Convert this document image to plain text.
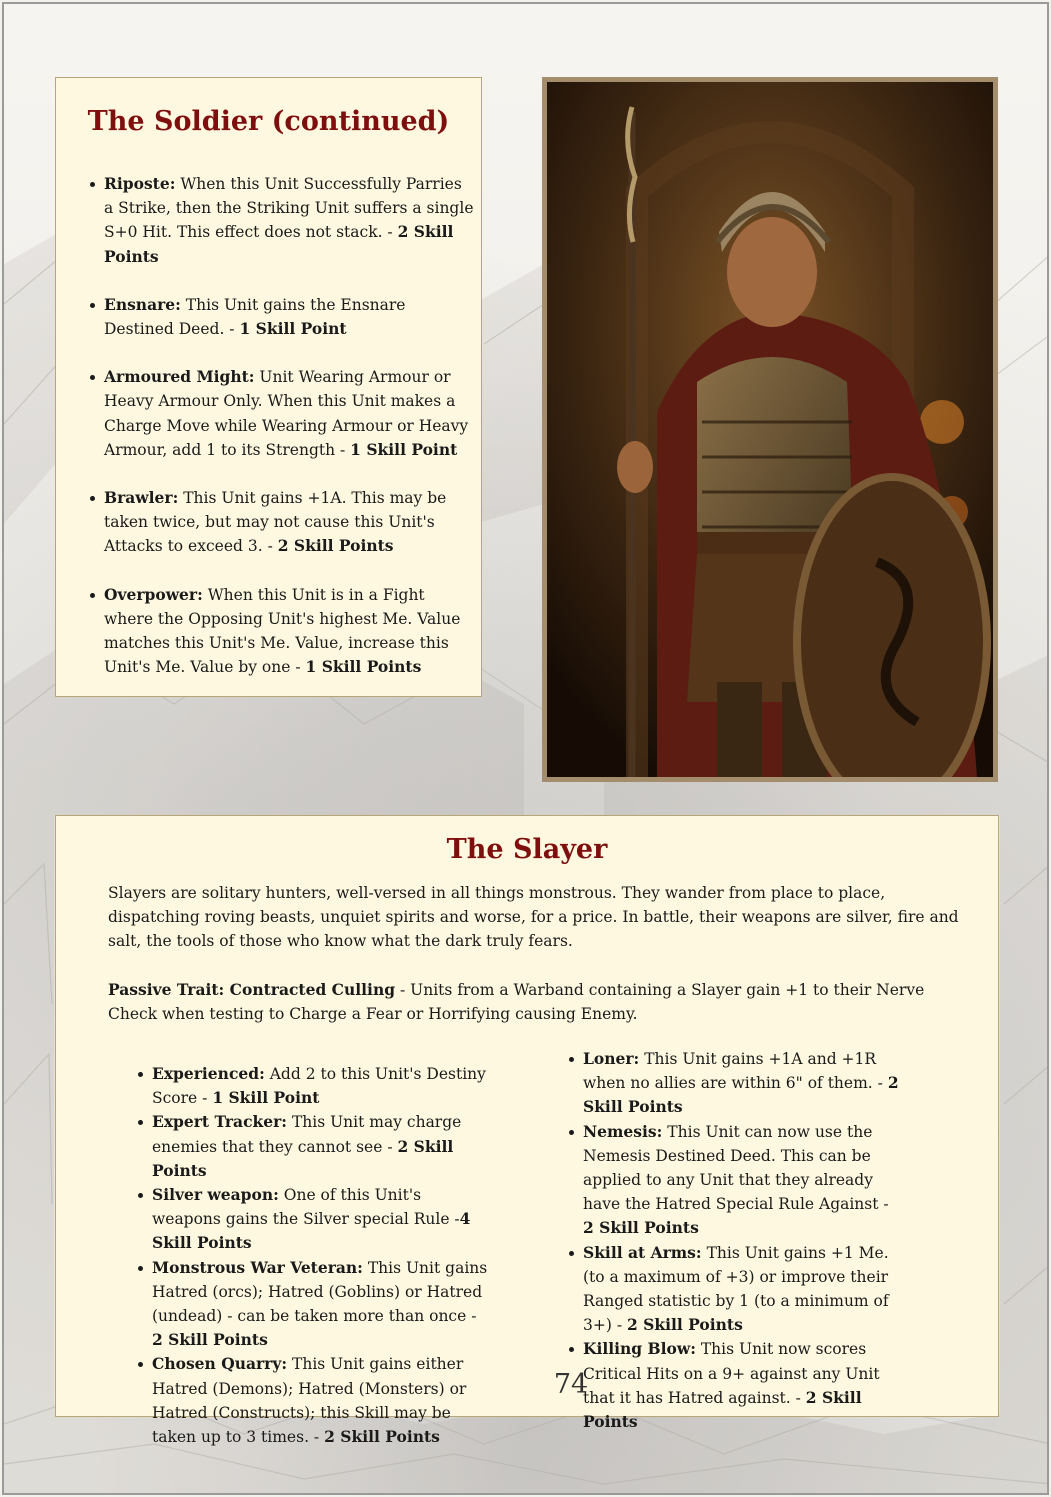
The Soldier (continued)
Riposte: When this Unit Successfully Parries a Strike, then the Striking Unit suffers a single S+0 Hit. This effect does not stack. - 2 Skill Points
Ensnare: This Unit gains the Ensnare Destined Deed. - 1 Skill Point
Armoured Might: Unit Wearing Armour or Heavy Armour Only. When this Unit makes a Charge Move while Wearing Armour or Heavy Armour, add 1 to its Strength - 1 Skill Point
Brawler: This Unit gains +1A. This may be taken twice, but may not cause this Unit's Attacks to exceed 3. - 2 Skill Points
Overpower: When this Unit is in a Fight where the Opposing Unit's highest Me. Value matches this Unit's Me. Value, increase this Unit's Me. Value by one - 1 Skill Points
The Slayer

Slayers are solitary hunters, well-versed in all things monstrous. They wander from place to place, dispatching roving beasts, unquiet spirits and worse, for a price. In battle, their weapons are silver, fire and salt, the tools of those who know what the dark truly fears.

Passive Trait: Contracted Culling - Units from a Warband containing a Slayer gain +1 to their Nerve Check when testing to Charge a Fear or Horrifying causing Enemy.

Experienced: Add 2 to this Unit's Destiny Score - 1 Skill Point
Expert Tracker: This Unit may charge enemies that they cannot see - 2 Skill Points
Silver weapon: One of this Unit's weapons gains the Silver special Rule -4 Skill Points
Monstrous War Veteran: This Unit gains Hatred (orcs); Hatred (Goblins) or Hatred (undead) - can be taken more than once - 2 Skill Points
Chosen Quarry: This Unit gains either Hatred (Demons); Hatred (Monsters) or Hatred (Constructs); this Skill may be taken up to 3 times. - 2 Skill Points
Loner: This Unit gains +1A and +1R when no allies are within 6" of them. - 2 Skill Points
Nemesis: This Unit can now use the Nemesis Destined Deed. This can be applied to any Unit that they already have the Hatred Special Rule Against - 2 Skill Points
Skill at Arms: This Unit gains +1 Me. (to a maximum of +3) or improve their Ranged statistic by 1 (to a minimum of 3+) - 2 Skill Points
Killing Blow: This Unit now scores Critical Hits on a 9+ against any Unit that it has Hatred against. - 2 Skill Points
74
